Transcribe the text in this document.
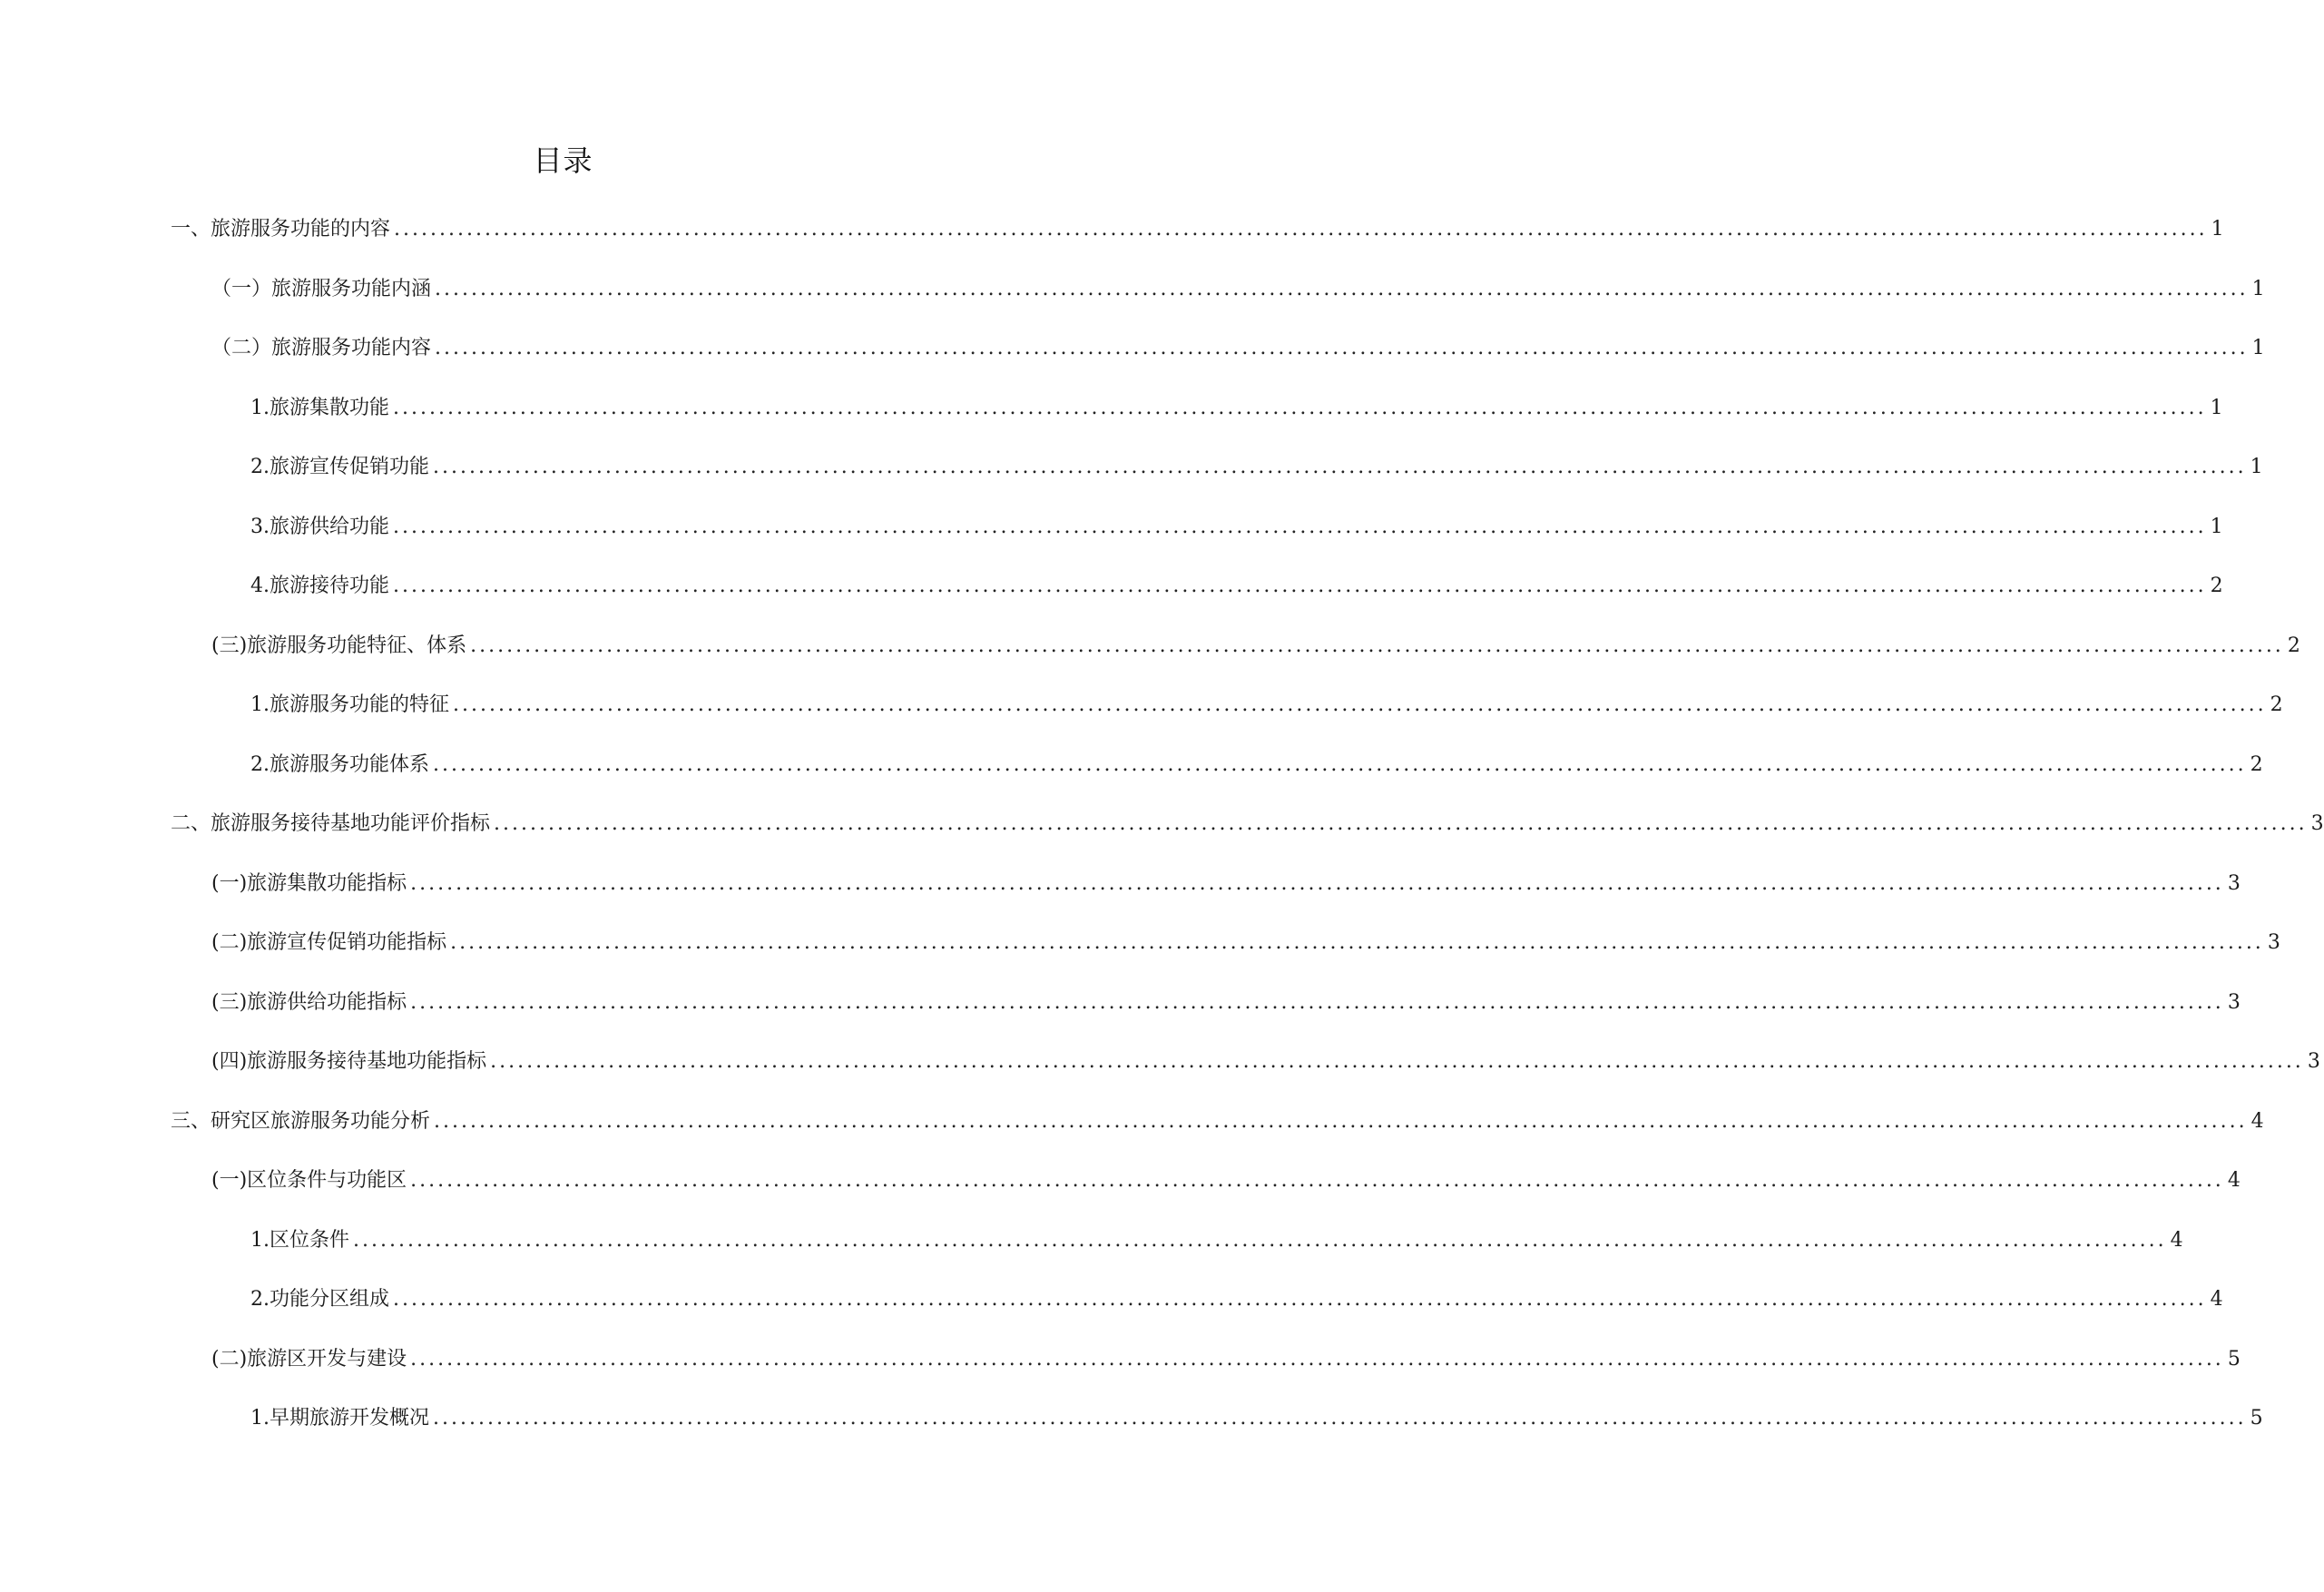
目录
一、旅游服务功能的内容 ........................................................................................................................................................................................................ 1
（一）旅游服务功能内涵 ........................................................................................................................................................................................................ 1
（二）旅游服务功能内容 ........................................................................................................................................................................................................ 1
1.旅游集散功能 ........................................................................................................................................................................................................ 1
2.旅游宣传促销功能 ........................................................................................................................................................................................................ 1
3.旅游供给功能 ........................................................................................................................................................................................................ 1
4.旅游接待功能 ........................................................................................................................................................................................................ 2
(三)旅游服务功能特征、体系 ........................................................................................................................................................................................................ 2
1.旅游服务功能的特征 ........................................................................................................................................................................................................ 2
2.旅游服务功能体系 ........................................................................................................................................................................................................ 2
二、旅游服务接待基地功能评价指标 ........................................................................................................................................................................................................ 3
(一)旅游集散功能指标 ........................................................................................................................................................................................................ 3
(二)旅游宣传促销功能指标 ........................................................................................................................................................................................................ 3
(三)旅游供给功能指标 ........................................................................................................................................................................................................ 3
(四)旅游服务接待基地功能指标 ........................................................................................................................................................................................................ 3
三、研究区旅游服务功能分析 ........................................................................................................................................................................................................ 4
(一)区位条件与功能区 ........................................................................................................................................................................................................ 4
1.区位条件 ........................................................................................................................................................................................................ 4
2.功能分区组成 ........................................................................................................................................................................................................ 4
(二)旅游区开发与建设 ........................................................................................................................................................................................................ 5
1.早期旅游开发概况 ........................................................................................................................................................................................................ 5
